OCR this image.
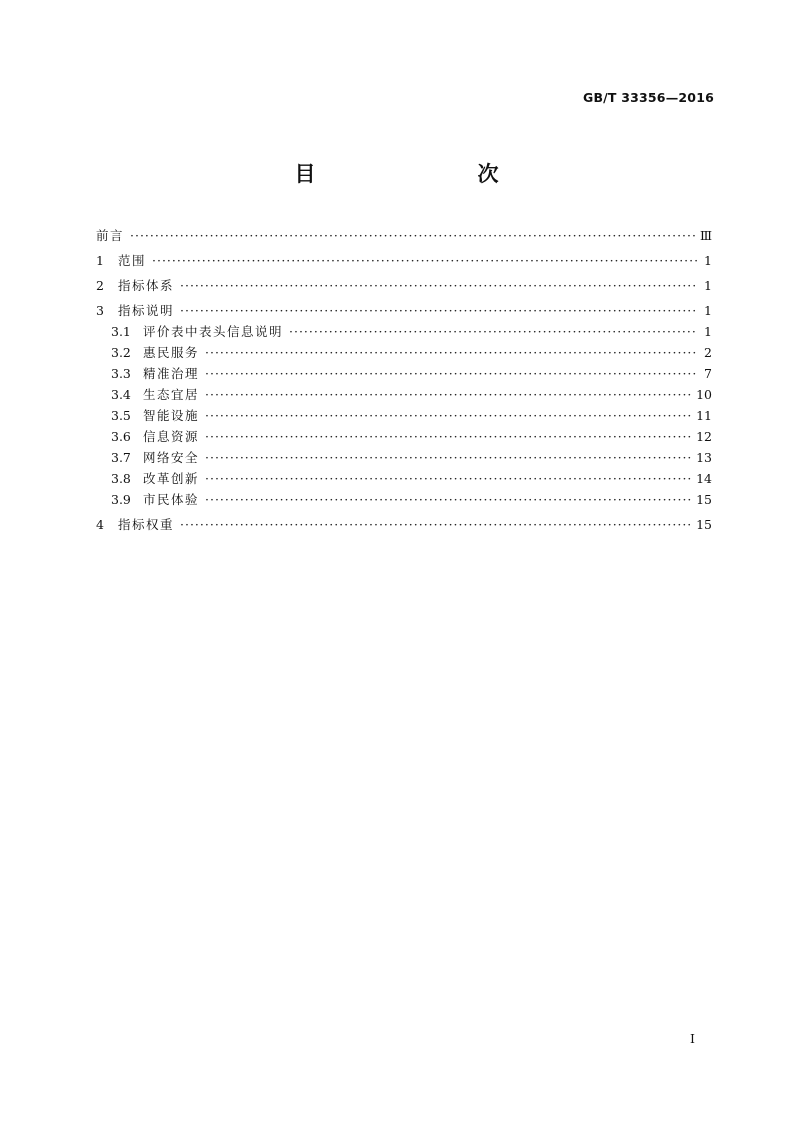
GB/T 33356—2016
目　　次
前言 ·····	Ⅲ
1	范围 ·····	1
2	指标体系 ·····	1
3	指标说明 ·····	1
3.1 评价表中表头信息说明 ·····	1
3.2 惠民服务 ·····	2
3.3 精准治理 ·····	7
3.4 生态宜居 ·····	10
3.5 智能设施 ·····	11
3.6 信息资源 ·····	12
3.7 网络安全 ·····	13
3.8 改革创新 ·····	14
3.9 市民体验 ·····	15
4	指标权重 ·····	15
I
